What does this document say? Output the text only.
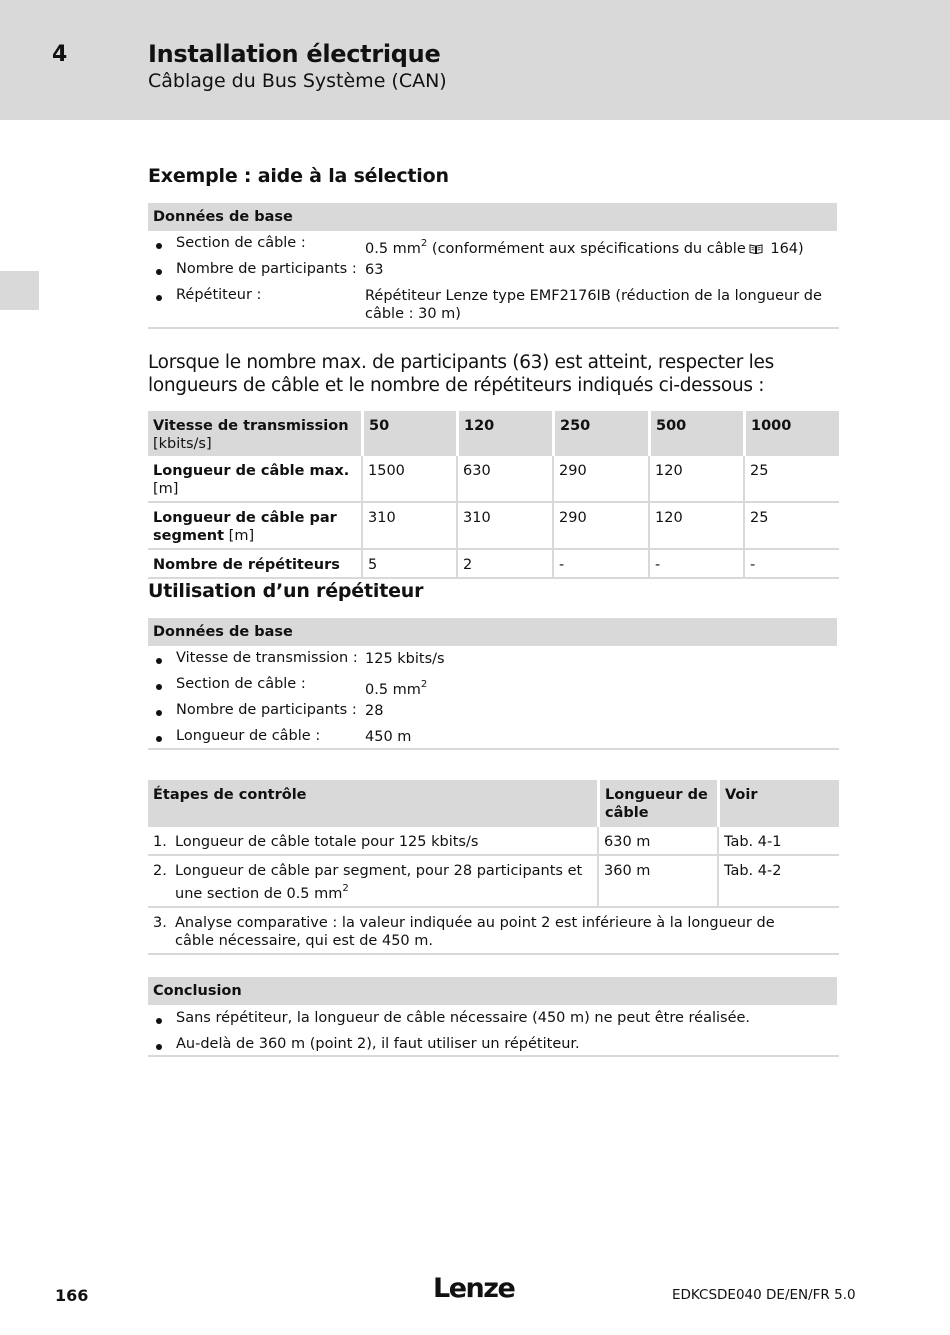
4	Installation électrique
Câblage du Bus Système (CAN)
Exemple : aide à la sélection
Données de base
Section de câble :	0.5 $mm^2$ (conformément aux spécifications du câble 164)
Nombre de participants : 63
Répétiteur :	Répétiteur Lenze type EMF2176IB (réduction de la longueur de câble : 30 m)
Lorsque le nombre max. de participants (63) est atteint, respecter les longueurs de câble et le nombre de répétiteurs indiqués ci-dessous :
Vitesse de transmission
[kbits/s]	50	120	250	500	1000
Longueur de câble max. [m]	1500	630	290	120	25
Longueur de câble par segment [m]	310	310	290	120	25
Nombre de répétiteurs	5	2	-	-	-
Utilisation d’un répétiteur
Données de base
Vitesse de transmission : 125 kbits/s
Section de câble :	0.5 $mm^2$
Nombre de participants : 28
Longueur de câble :	450 m
Étapes de contrôle	Longueur de câble	Voir
1. Longueur de câble totale pour 125 kbits/s	630 m	Tab. 4-1
2. Longueur de câble par segment, pour 28 participants et une section de 0.5 $mm^2$	360 m	Tab. 4-2
3. Analyse comparative : la valeur indiquée au point 2 est inférieure à la longueur de câble nécessaire, qui est de 450 m.		
Conclusion
Sans répétiteur, la longueur de câble nécessaire (450 m) ne peut être réalisée.
Au-delà de 360 m (point 2), il faut utiliser un répétiteur.
166	Lenze	EDKCSDE040 DE/EN/FR 5.0
